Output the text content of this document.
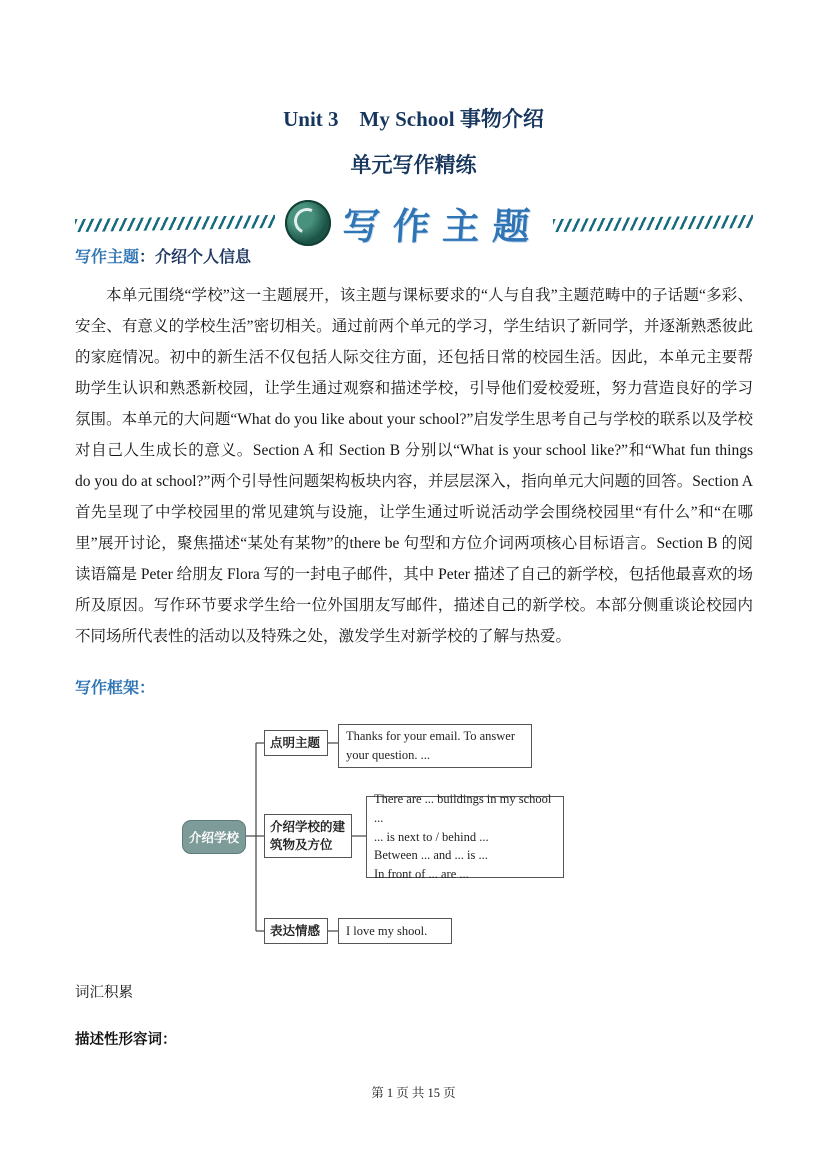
Unit 3　My School 事物介绍
单元写作精练
写作主题
写作主题：介绍个人信息
本单元围绕“学校”这一主题展开，该主题与课标要求的“人与自我”主题范畴中的子话题“多彩、安全、有意义的学校生活”密切相关。通过前两个单元的学习，学生结识了新同学，并逐渐熟悉彼此的家庭情况。初中的新生活不仅包括人际交往方面，还包括日常的校园生活。因此，本单元主要帮助学生认识和熟悉新校园，让学生通过观察和描述学校，引导他们爱校爱班，努力营造良好的学习氛围。本单元的大问题“What do you like about your school?”启发学生思考自己与学校的联系以及学校对自己人生成长的意义。Section A 和 Section B 分别以“What is your school like?”和“What fun things do you do at school?”两个引导性问题架构板块内容，并层层深入，指向单元大问题的回答。Section A 首先呈现了中学校园里的常见建筑与设施，让学生通过听说活动学会围绕校园里“有什么”和“在哪里”展开讨论，聚焦描述“某处有某物”的there be 句型和方位介词两项核心目标语言。Section B 的阅读语篇是 Peter 给朋友 Flora 写的一封电子邮件，其中 Peter 描述了自己的新学校，包括他最喜欢的场所及原因。写作环节要求学生给一位外国朋友写邮件，描述自己的新学校。本部分侧重谈论校园内不同场所代表性的活动以及特殊之处，激发学生对新学校的了解与热爱。
写作框架：
介绍学校
点明主题	Thanks for your email. To answer your question. ...
介绍学校的建筑物及方位
There are ... buildings in my school ...
... is next to / behind ...
Between ... and ... is ...
In front of ... are ...
表达情感	I love my shool.
词汇积累
描述性形容词：
第 1 页 共 15 页
